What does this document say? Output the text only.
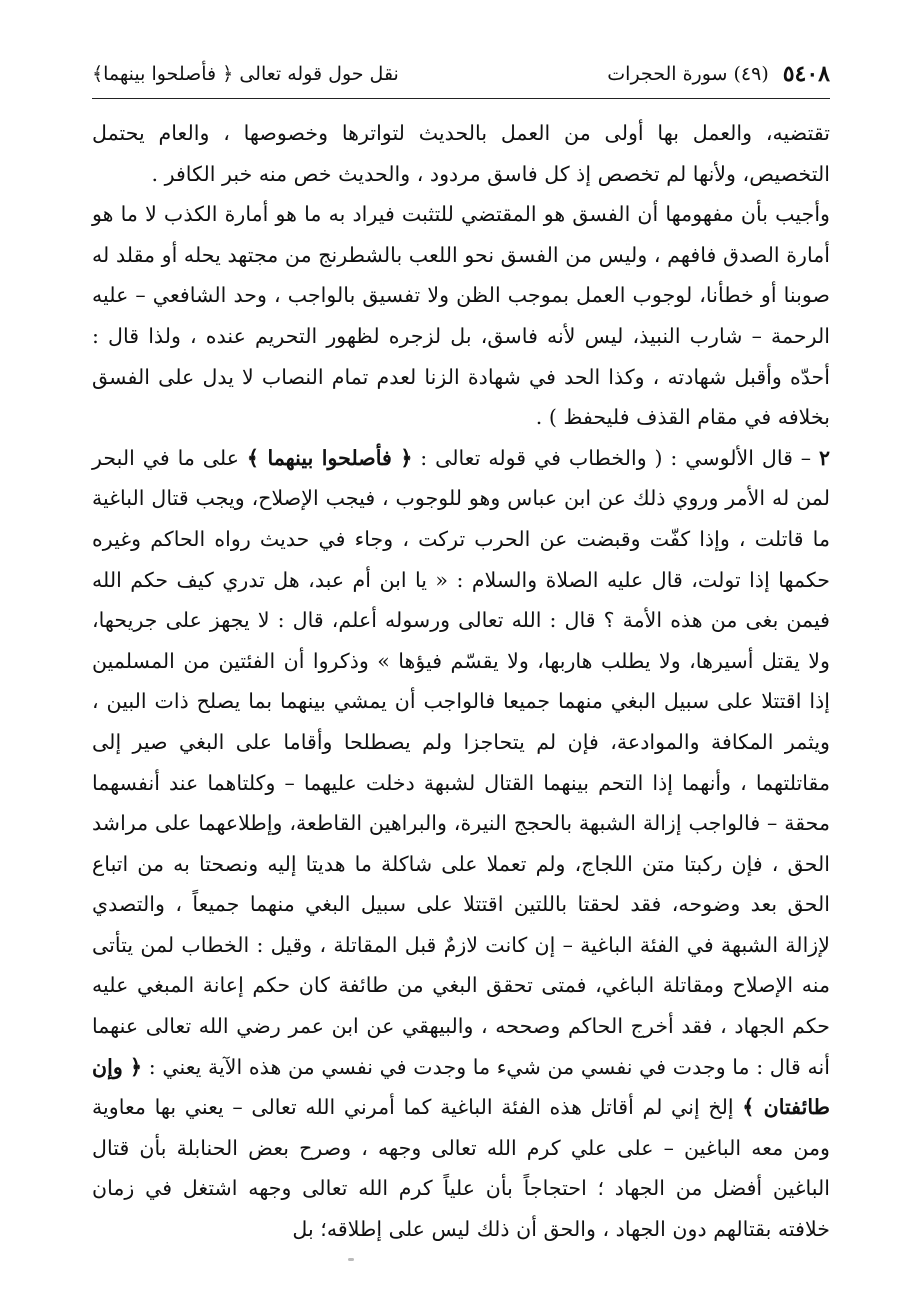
٥٤٠٨
(٤٩) سورة الحجرات
نقل حول قوله تعالى ﴿ فأصلحوا بينهما﴾

تقتضيه، والعمل بها أولى من العمل بالحديث لتواترها وخصوصها ، والعام يحتمل التخصيص، ولأنها لم تخصص إذ كل فاسق مردود ، والحديث خص منه خبر الكافر .

وأجيب بأن مفهومها أن الفسق هو المقتضي للتثبت فيراد به ما هو أمارة الكذب لا ما هو أمارة الصدق فافهم ، وليس من الفسق نحو اللعب بالشطرنج من مجتهد يحله أو مقلد له صوبنا أو خطأنا، لوجوب العمل بموجب الظن ولا تفسيق بالواجب ، وحد الشافعي – عليه الرحمة – شارب النبيذ، ليس لأنه فاسق، بل لزجره لظهور التحريم عنده ، ولذا قال : أحدّه وأقبل شهادته ، وكذا الحد في شهادة الزنا لعدم تمام النصاب لا يدل على الفسق بخلافه في مقام القذف فليحفظ ) .

٢ – قال الألوسي : ( والخطاب في قوله تعالى : ﴿ فأصلحوا بينهما ﴾ على ما في البحر لمن له الأمر وروي ذلك عن ابن عباس وهو للوجوب ، فيجب الإصلاح، ويجب قتال الباغية ما قاتلت ، وإذا كفّت وقبضت عن الحرب تركت ، وجاء في حديث رواه الحاكم وغيره حكمها إذا تولت، قال عليه الصلاة والسلام : « يا ابن أم عبد، هل تدري كيف حكم الله فيمن بغى من هذه الأمة ؟ قال : الله تعالى ورسوله أعلم، قال : لا يجهز على جريحها، ولا يقتل أسيرها، ولا يطلب هاربها، ولا يقسّم فيؤها » وذكروا أن الفئتين من المسلمين إذا اقتتلا على سبيل البغي منهما جميعا فالواجب أن يمشي بينهما بما يصلح ذات البين ، ويثمر المكافة والموادعة، فإن لم يتحاجزا ولم يصطلحا وأقاما على البغي صير إلى مقاتلتهما ، وأنهما إذا التحم بينهما القتال لشبهة دخلت عليهما – وكلتاهما عند أنفسهما محقة – فالواجب إزالة الشبهة بالحجج النيرة، والبراهين القاطعة، وإطلاعهما على مراشد الحق ، فإن ركبتا متن اللجاج، ولم تعملا على شاكلة ما هديتا إليه ونصحتا به من اتباع الحق بعد وضوحه، فقد لحقتا باللتين اقتتلا على سبيل البغي منهما جميعاً ، والتصدي لإزالة الشبهة في الفئة الباغية – إن كانت لازمٌ قبل المقاتلة ، وقيل : الخطاب لمن يتأتى منه الإصلاح ومقاتلة الباغي، فمتى تحقق البغي من طائفة كان حكم إعانة المبغي عليه حكم الجهاد ، فقد أخرج الحاكم وصححه ، والبيهقي عن ابن عمر رضي الله تعالى عنهما أنه قال : ما وجدت في نفسي من شيء ما وجدت في نفسي من هذه الآية يعني : ﴿ وإن طائفتان ﴾ إلخ إني لم أقاتل هذه الفئة الباغية كما أمرني الله تعالى – يعني بها معاوية ومن معه الباغين – على علي كرم الله تعالى وجهه ، وصرح بعض الحنابلة بأن قتال الباغين أفضل من الجهاد ؛ احتجاجاً بأن علياً كرم الله تعالى وجهه اشتغل في زمان خلافته بقتالهم دون الجهاد ، والحق أن ذلك ليس على إطلاقه؛ بل
